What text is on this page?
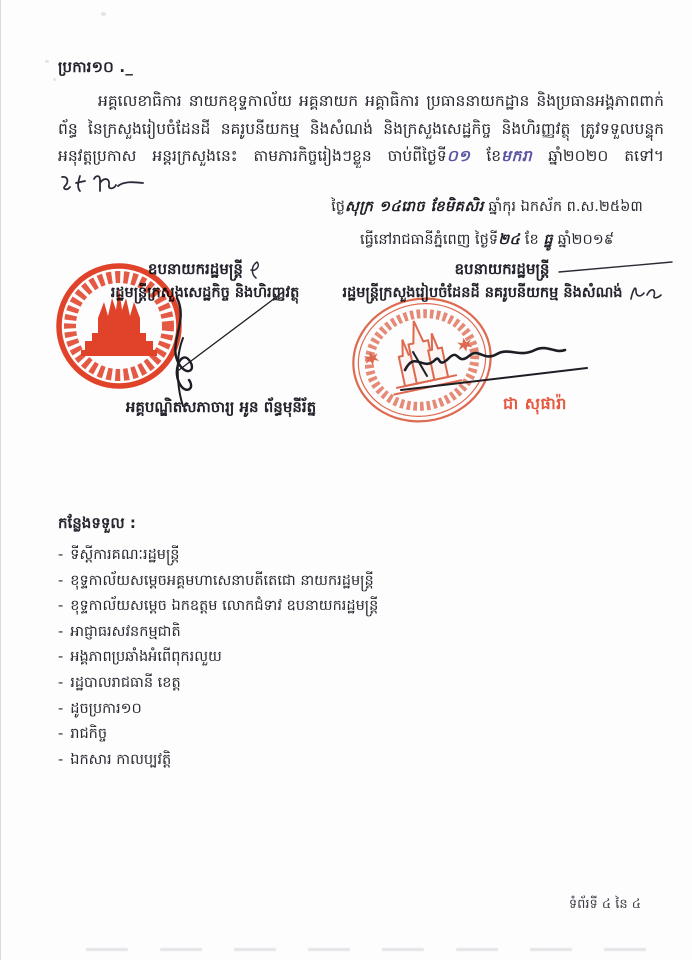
ប្រការ១០ ._

អគ្គលេខាធិការ នាយកខុទ្ទកាល័យ អគ្គនាយក អគ្គាធិការ ប្រធាននាយកដ្ឋាន និងប្រធានអង្គភាពពាក់ព័ន្ធ នៃក្រសួងរៀបចំដែនដី នគរូបនីយកម្ម និងសំណង់ និងក្រសួងសេដ្ឋកិច្ច និងហិរញ្ញវត្ថុ ត្រូវទទួលបន្ទុកអនុវត្តប្រកាស អន្តរក្រសួងនេះ តាមភារកិច្ចរៀងៗខ្លួន ចាប់ពីថ្ងៃទី០១ ខែមករា ឆ្នាំ២០២០ តទៅ។

ថ្ងៃសុក្រ ១៤រោច ខែមិគសិរ ឆ្នាំកុរ ឯកស័ក ព.ស.២៥៦៣
ធ្វើនៅរាជធានីភ្នំពេញ ថ្ងៃទី២៤ ខែ ធ្នូ ឆ្នាំ២០១៩
ឧបនាយករដ្ឋមន្ត្រី
រដ្ឋមន្ត្រីក្រសួងសេដ្ឋកិច្ច និងហិរញ្ញវត្ថុ
ឧបនាយករដ្ឋមន្ត្រី
រដ្ឋមន្ត្រីក្រសួងរៀបចំដែនដី នគរូបនីយកម្ម និងសំណង់
អគ្គបណ្ឌិតសភាចារ្យ អូន ព័ន្ធមុនីរ័ត្ន	ជា សុផារ៉ា
កន្លែងទទួល :
- ទីស្តីការគណៈរដ្ឋមន្ត្រី
- ខុទ្ទកាល័យសម្តេចអគ្គមហាសេនាបតីតេជោ នាយករដ្ឋមន្ត្រី
- ខុទ្ទកាល័យសម្តេច ឯកឧត្តម លោកជំទាវ ឧបនាយករដ្ឋមន្ត្រី
- អាជ្ញាធរសវនកម្មជាតិ
- អង្គភាពប្រឆាំងអំពើពុករលួយ
- រដ្ឋបាលរាជធានី ខេត្ត
- ដូចប្រការ១០
- រាជកិច្ច
- ឯកសារ កាលប្បវត្តិ
ទំព័រទី ៤ នៃ ៤
